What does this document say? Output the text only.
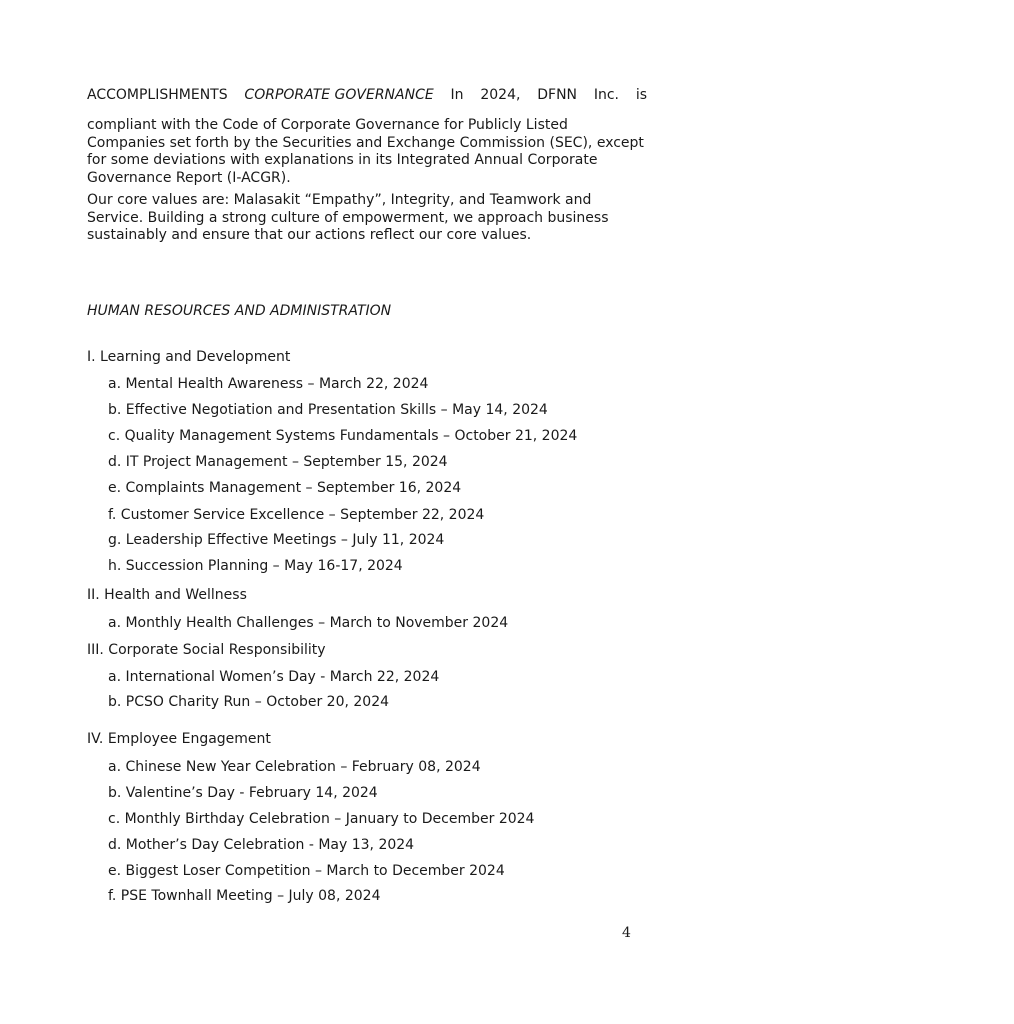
ACCOMPLISHMENTS CORPORATE GOVERNANCE In 2024, DFNN Inc. is
compliant with the Code of Corporate Governance for Publicly Listed Companies set forth by the Securities and Exchange Commission (SEC), except for some deviations with explanations in its Integrated Annual Corporate Governance Report (I-ACGR).
Our core values are: Malasakit “Empathy”, Integrity, and Teamwork and Service. Building a strong culture of empowerment, we approach business sustainably and ensure that our actions reflect our core values.
HUMAN RESOURCES AND ADMINISTRATION
I. Learning and Development
a. Mental Health Awareness – March 22, 2024
b. Effective Negotiation and Presentation Skills – May 14, 2024
c. Quality Management Systems Fundamentals – October 21, 2024
d. IT Project Management – September 15, 2024
e. Complaints Management – September 16, 2024
f. Customer Service Excellence – September 22, 2024
g. Leadership Effective Meetings – July 11, 2024
h. Succession Planning – May 16-17, 2024
II. Health and Wellness
a. Monthly Health Challenges – March to November 2024
III. Corporate Social Responsibility
a. International Women’s Day - March 22, 2024
b. PCSO Charity Run – October 20, 2024
IV. Employee Engagement
a. Chinese New Year Celebration – February 08, 2024
b. Valentine’s Day - February 14, 2024
c. Monthly Birthday Celebration – January to December 2024
d. Mother’s Day Celebration - May 13, 2024
e. Biggest Loser Competition – March to December 2024
f. PSE Townhall Meeting – July 08, 2024
4
